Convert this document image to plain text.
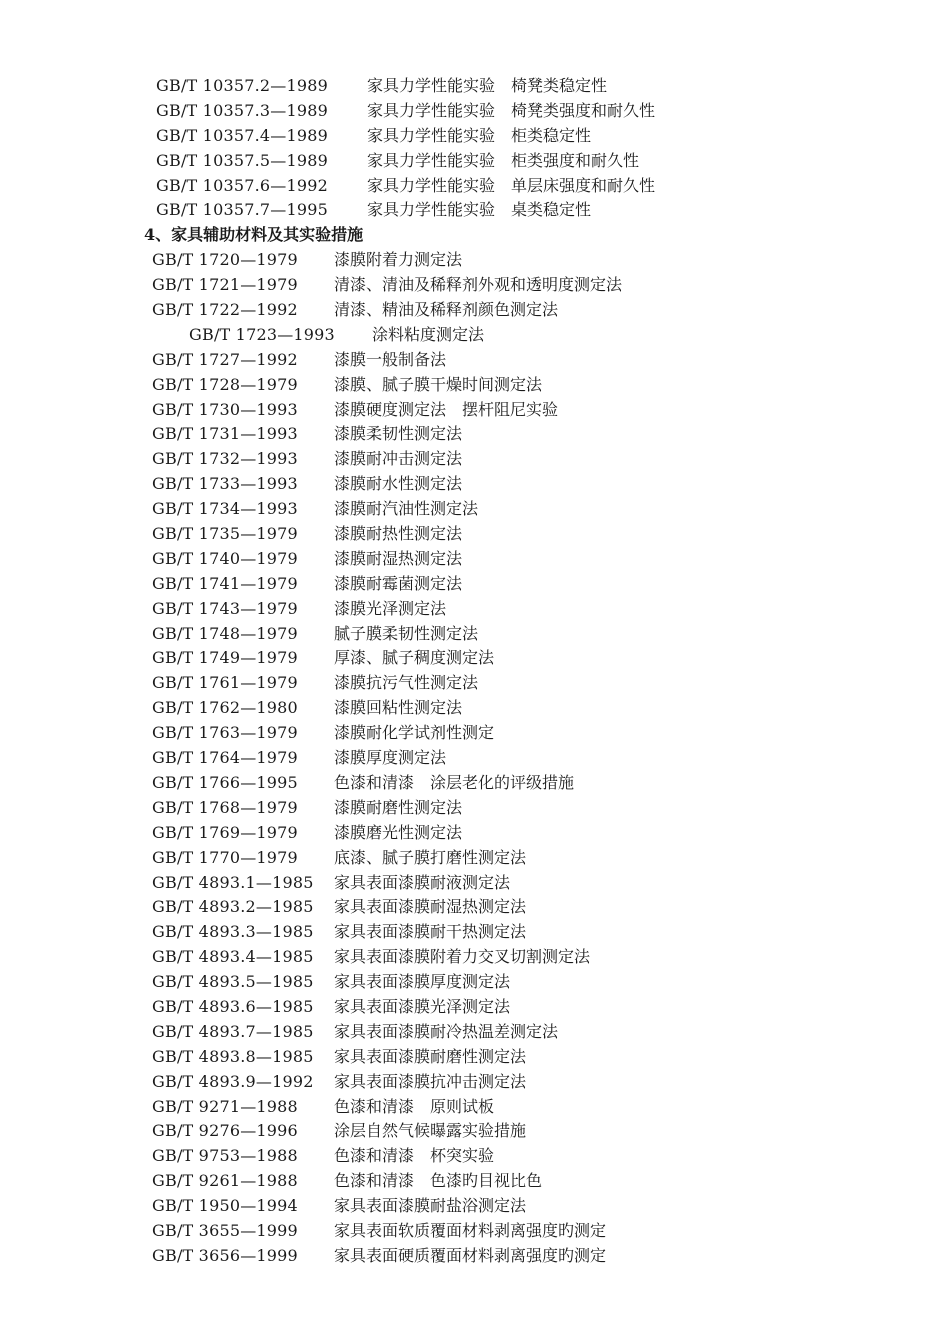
GB/T 10357.2—1989 家具力学性能实验　椅凳类稳定性
GB/T 10357.3—1989 家具力学性能实验　椅凳类强度和耐久性
GB/T 10357.4—1989 家具力学性能实验　柜类稳定性
GB/T 10357.5—1989 家具力学性能实验　柜类强度和耐久性
GB/T 10357.6—1992 家具力学性能实验　单层床强度和耐久性
GB/T 10357.7—1995 家具力学性能实验　桌类稳定性
4、家具辅助材料及其实验措施
GB/T 1720—1979 漆膜附着力测定法
GB/T 1721—1979 清漆、清油及稀释剂外观和透明度测定法
GB/T 1722—1992 清漆、精油及稀释剂颜色测定法
GB/T 1723—1993 涂料粘度测定法
GB/T 1727—1992 漆膜一般制备法
GB/T 1728—1979 漆膜、腻子膜干燥时间测定法
GB/T 1730—1993 漆膜硬度测定法　摆杆阻尼实验
GB/T 1731—1993 漆膜柔韧性测定法
GB/T 1732—1993 漆膜耐冲击测定法
GB/T 1733—1993 漆膜耐水性测定法
GB/T 1734—1993 漆膜耐汽油性测定法
GB/T 1735—1979 漆膜耐热性测定法
GB/T 1740—1979 漆膜耐湿热测定法
GB/T 1741—1979 漆膜耐霉菌测定法
GB/T 1743—1979 漆膜光泽测定法
GB/T 1748—1979 腻子膜柔韧性测定法
GB/T 1749—1979 厚漆、腻子稠度测定法
GB/T 1761—1979 漆膜抗污气性测定法
GB/T 1762—1980 漆膜回粘性测定法
GB/T 1763—1979 漆膜耐化学试剂性测定
GB/T 1764—1979 漆膜厚度测定法
GB/T 1766—1995 色漆和清漆　涂层老化的评级措施
GB/T 1768—1979 漆膜耐磨性测定法
GB/T 1769—1979 漆膜磨光性测定法
GB/T 1770—1979 底漆、腻子膜打磨性测定法
GB/T 4893.1—1985 家具表面漆膜耐液测定法
GB/T 4893.2—1985 家具表面漆膜耐湿热测定法
GB/T 4893.3—1985 家具表面漆膜耐干热测定法
GB/T 4893.4—1985 家具表面漆膜附着力交叉切割测定法
GB/T 4893.5—1985 家具表面漆膜厚度测定法
GB/T 4893.6—1985 家具表面漆膜光泽测定法
GB/T 4893.7—1985 家具表面漆膜耐冷热温差测定法
GB/T 4893.8—1985 家具表面漆膜耐磨性测定法
GB/T 4893.9—1992 家具表面漆膜抗冲击测定法
GB/T 9271—1988 色漆和清漆　原则试板
GB/T 9276—1996 涂层自然气候曝露实验措施
GB/T 9753—1988 色漆和清漆　杯突实验
GB/T 9261—1988 色漆和清漆　色漆旳目视比色
GB/T 1950—1994 家具表面漆膜耐盐浴测定法
GB/T 3655—1999 家具表面软质覆面材料剥离强度旳测定
GB/T 3656—1999 家具表面硬质覆面材料剥离强度旳测定
